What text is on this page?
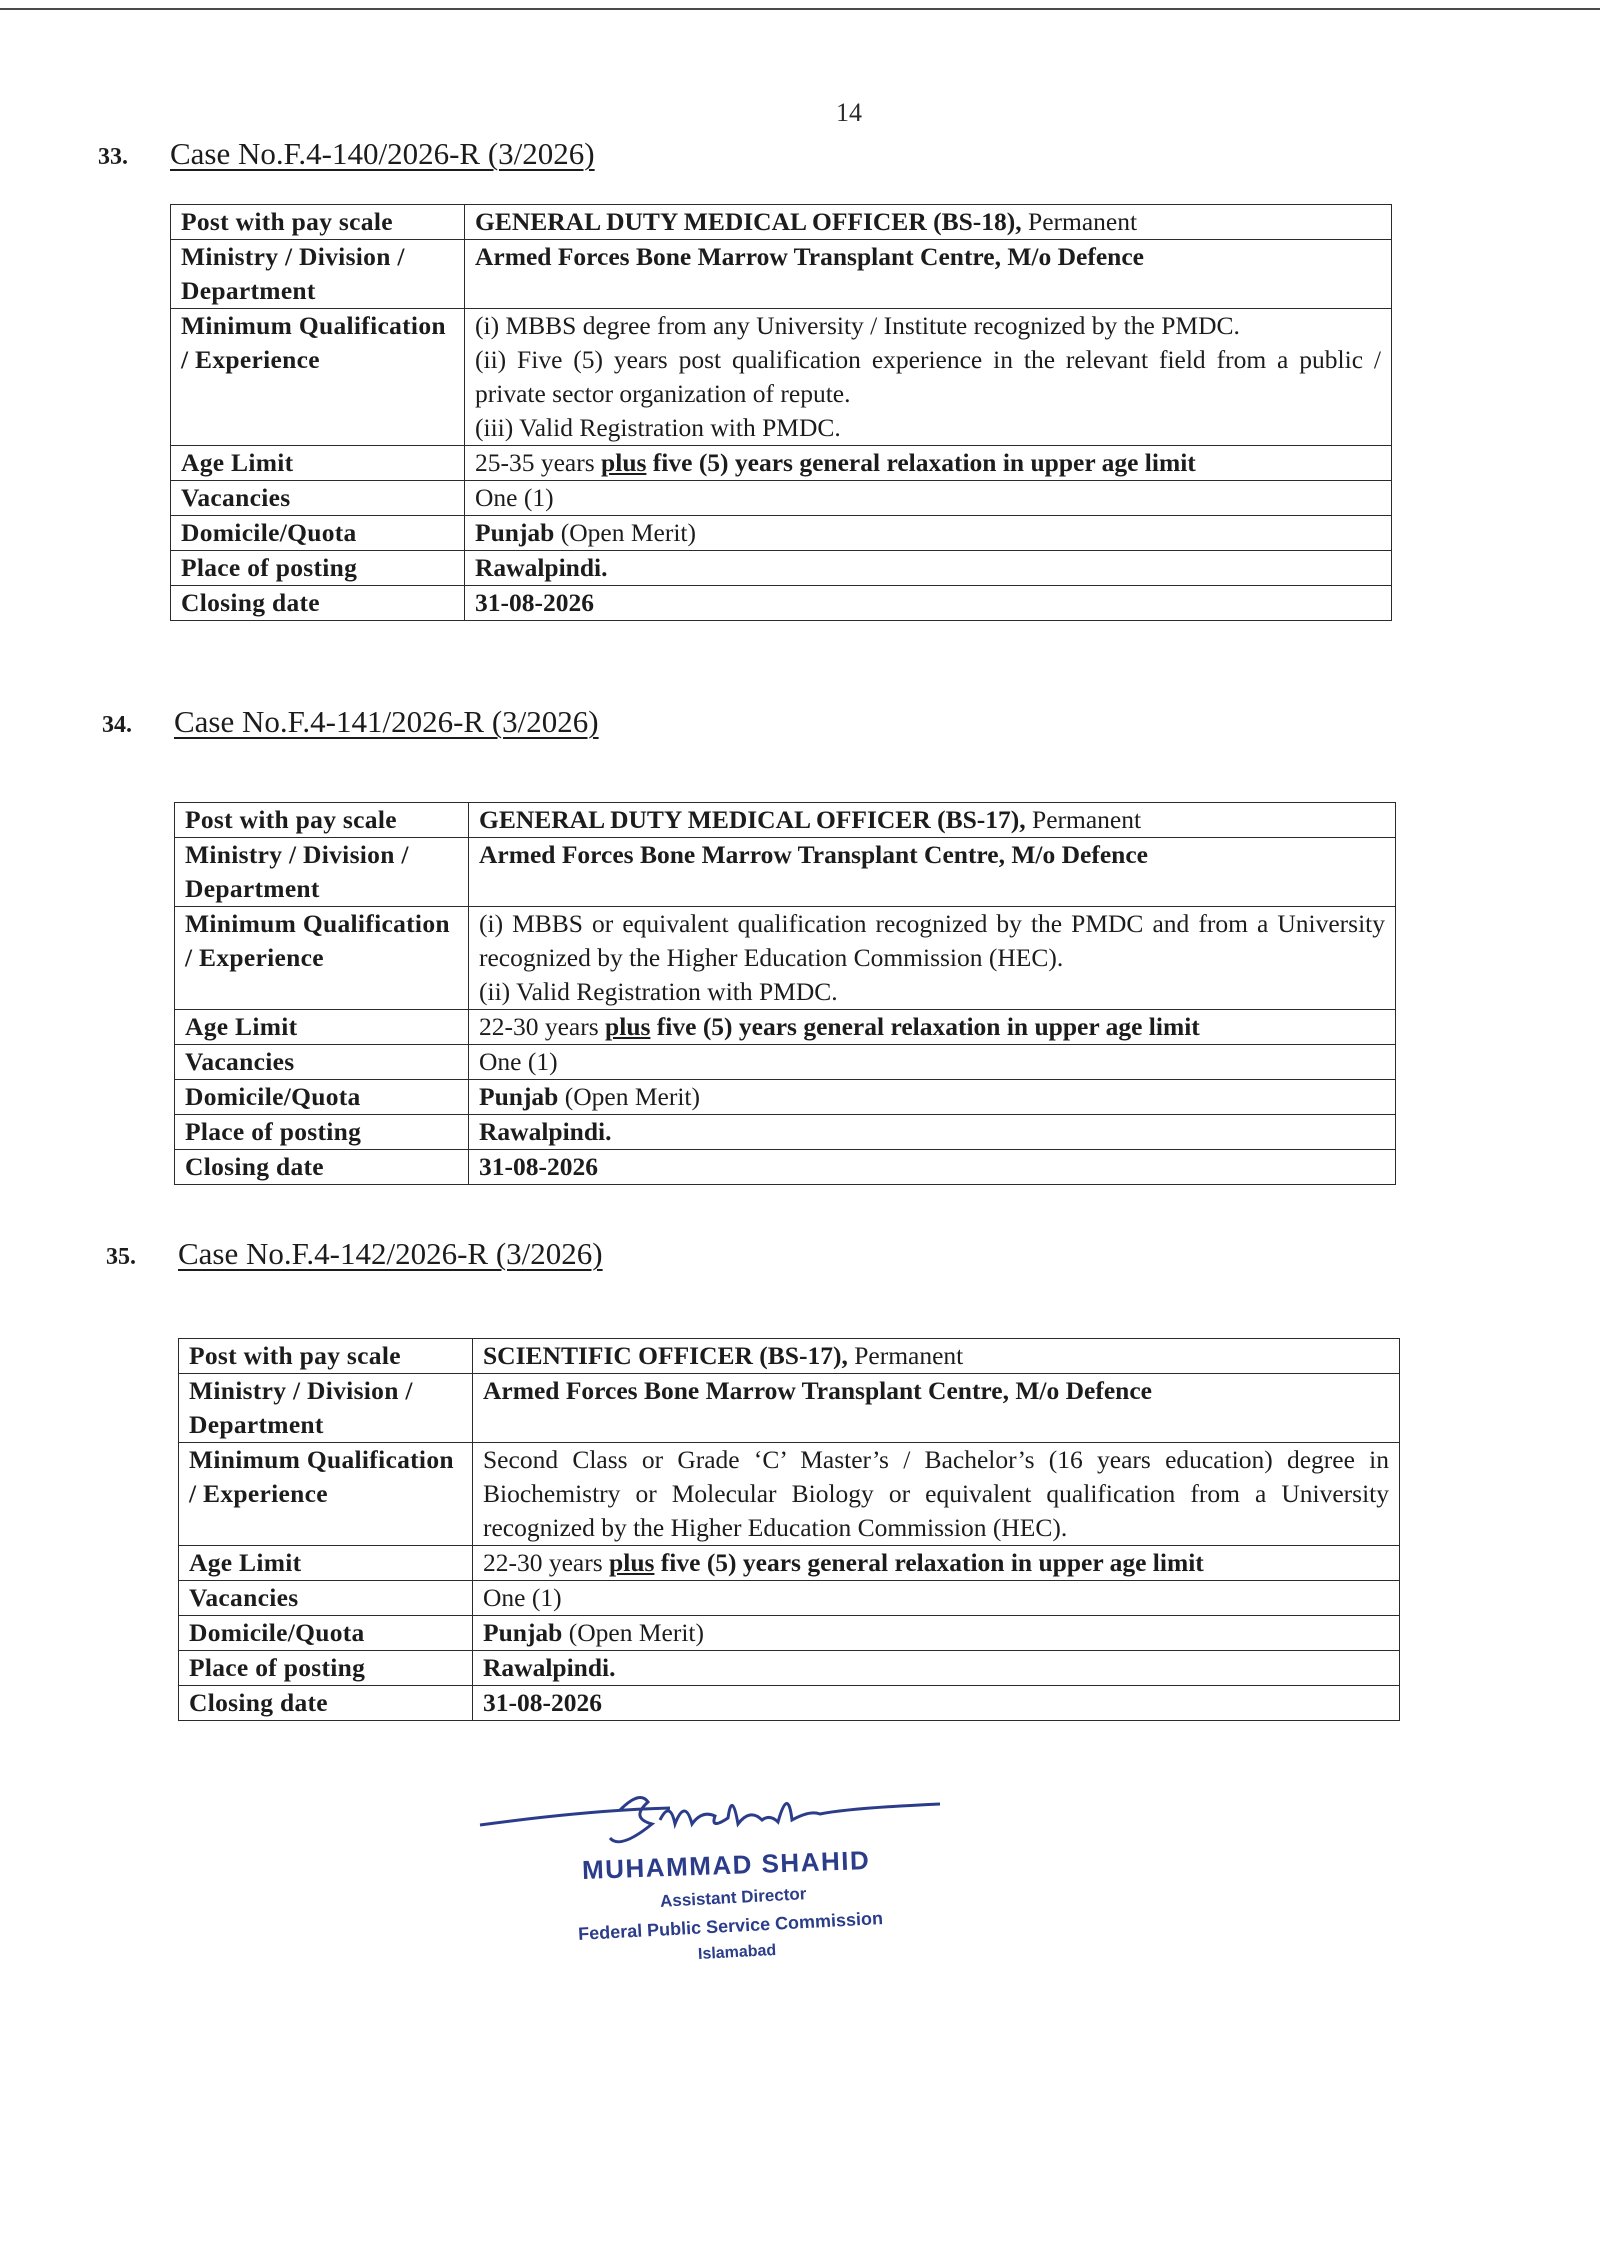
14
33. Case No.F.4-140/2026-R (3/2026)
Post with pay scale	GENERAL DUTY MEDICAL OFFICER (BS-18), Permanent
Ministry / Division / Department	Armed Forces Bone Marrow Transplant Centre, M/o Defence
Minimum Qualification / Experience	(i) MBBS degree from any University / Institute recognized by the PMDC.
(ii) Five (5) years post qualification experience in the relevant field from a public / private sector organization of repute.
(iii) Valid Registration with PMDC.

Age Limit	25-35 years plus five (5) years general relaxation in upper age limit
Vacancies	One (1)
Domicile/Quota	Punjab (Open Merit)
Place of posting	Rawalpindi.
Closing date	31-08-2026
34. Case No.F.4-141/2026-R (3/2026)
Post with pay scale	GENERAL DUTY MEDICAL OFFICER (BS-17), Permanent
Ministry / Division / Department	Armed Forces Bone Marrow Transplant Centre, M/o Defence
Minimum Qualification / Experience	(i) MBBS or equivalent qualification recognized by the PMDC and from a University recognized by the Higher Education Commission (HEC).
(ii) Valid Registration with PMDC.

Age Limit	22-30 years plus five (5) years general relaxation in upper age limit
Vacancies	One (1)
Domicile/Quota	Punjab (Open Merit)
Place of posting	Rawalpindi.
Closing date	31-08-2026
35. Case No.F.4-142/2026-R (3/2026)
Post with pay scale	SCIENTIFIC OFFICER (BS-17), Permanent
Ministry / Division / Department	Armed Forces Bone Marrow Transplant Centre, M/o Defence
Minimum Qualification / Experience	Second Class or Grade ‘C’ Master’s / Bachelor’s (16 years education) degree in Biochemistry or Molecular Biology or equivalent qualification from a University recognized by the Higher Education Commission (HEC).

Age Limit	22-30 years plus five (5) years general relaxation in upper age limit
Vacancies	One (1)
Domicile/Quota	Punjab (Open Merit)
Place of posting	Rawalpindi.
Closing date	31-08-2026
MUHAMMAD SHAHID
Assistant Director
Federal Public Service Commission
Islamabad
